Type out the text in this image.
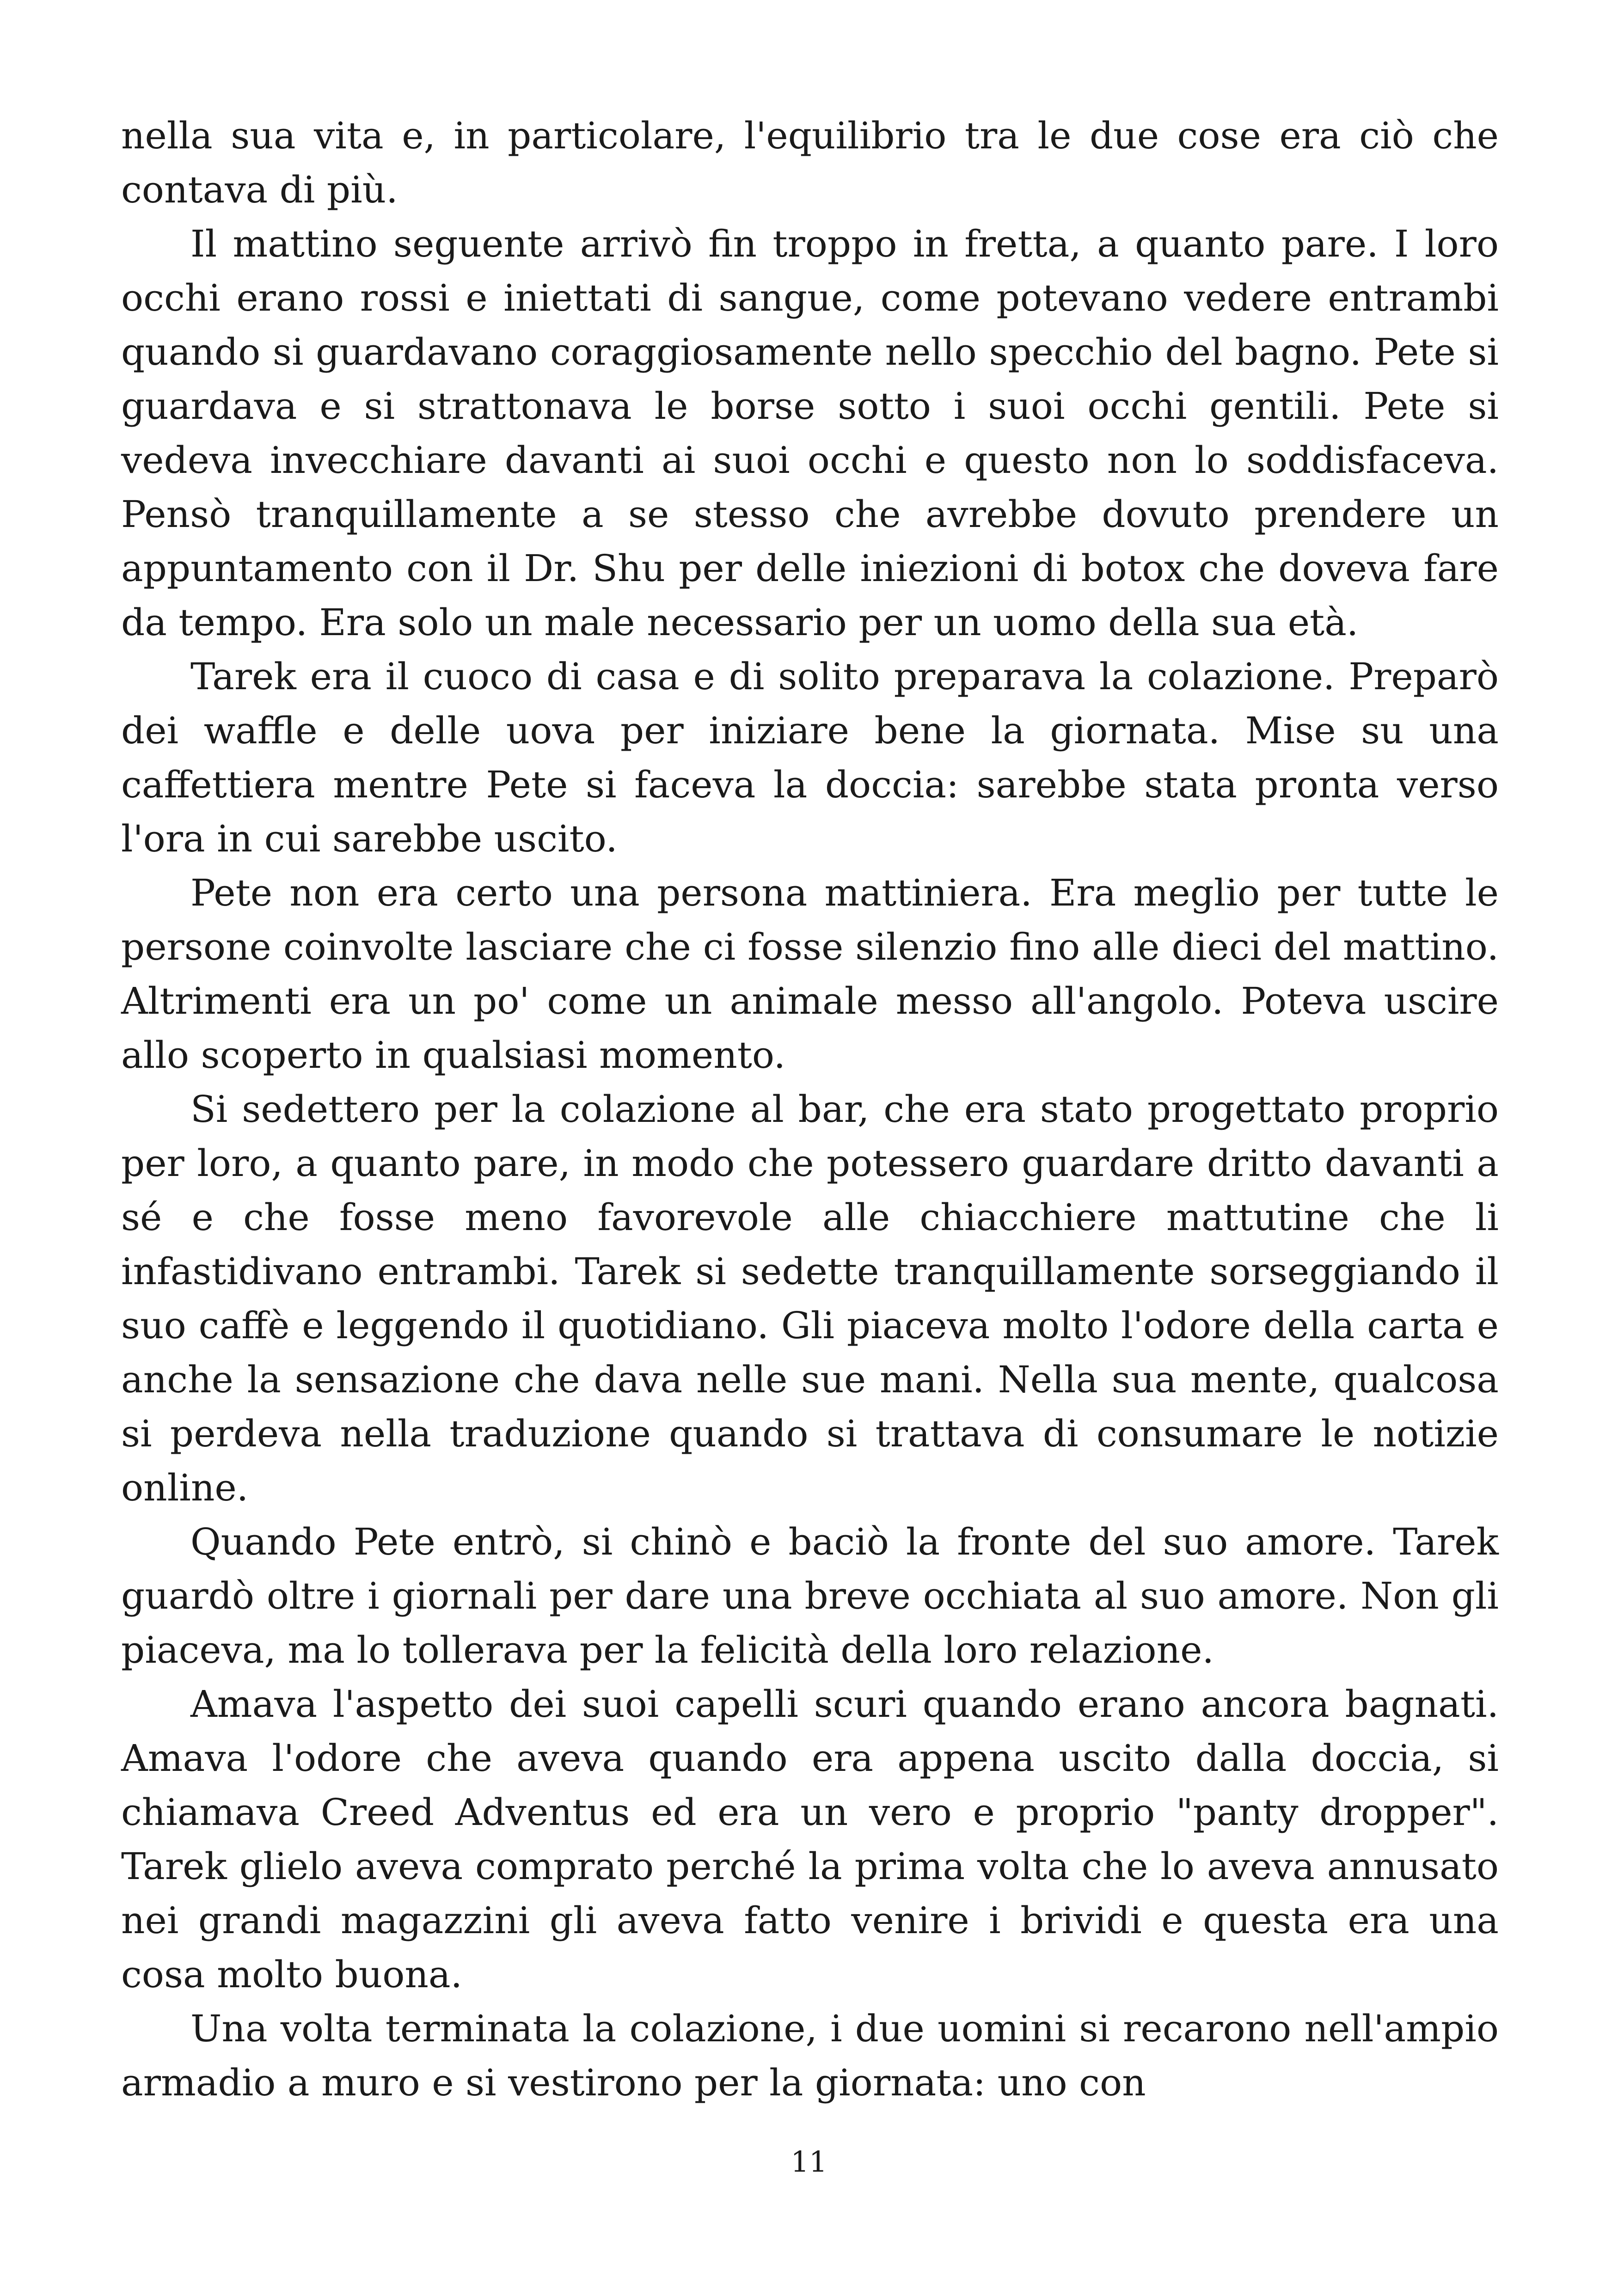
nella sua vita e, in particolare, l'equilibrio tra le due cose era ciò che contava di più.

Il mattino seguente arrivò fin troppo in fretta, a quanto pare. I loro occhi erano rossi e iniettati di sangue, come potevano vedere entrambi quando si guardavano coraggiosamente nello specchio del bagno. Pete si guardava e si strattonava le borse sotto i suoi occhi gentili. Pete si vedeva invecchiare davanti ai suoi occhi e questo non lo soddisfaceva. Pensò tranquillamente a se stesso che avrebbe dovuto prendere un appuntamento con il Dr. Shu per delle iniezioni di botox che doveva fare da tempo. Era solo un male necessario per un uomo della sua età.

Tarek era il cuoco di casa e di solito preparava la colazione. Preparò dei waffle e delle uova per iniziare bene la giornata. Mise su una caffettiera mentre Pete si faceva la doccia: sarebbe stata pronta verso l'ora in cui sarebbe uscito.

Pete non era certo una persona mattiniera. Era meglio per tutte le persone coinvolte lasciare che ci fosse silenzio fino alle dieci del mattino. Altrimenti era un po' come un animale messo all'angolo. Poteva uscire allo scoperto in qualsiasi momento.

Si sedettero per la colazione al bar, che era stato progettato proprio per loro, a quanto pare, in modo che potessero guardare dritto davanti a sé e che fosse meno favorevole alle chiacchiere mattutine che li infastidivano entrambi. Tarek si sedette tranquillamente sorseggiando il suo caffè e leggendo il quotidiano. Gli piaceva molto l'odore della carta e anche la sensazione che dava nelle sue mani. Nella sua mente, qualcosa si perdeva nella traduzione quando si trattava di consumare le notizie online.

Quando Pete entrò, si chinò e baciò la fronte del suo amore. Tarek guardò oltre i giornali per dare una breve occhiata al suo amore. Non gli piaceva, ma lo tollerava per la felicità della loro relazione.

Amava l'aspetto dei suoi capelli scuri quando erano ancora bagnati. Amava l'odore che aveva quando era appena uscito dalla doccia, si chiamava Creed Adventus ed era un vero e proprio "panty dropper". Tarek glielo aveva comprato perché la prima volta che lo aveva annusato nei grandi magazzini gli aveva fatto venire i brividi e questa era una cosa molto buona.

Una volta terminata la colazione, i due uomini si recarono nell'ampio armadio a muro e si vestirono per la giornata: uno con

11
